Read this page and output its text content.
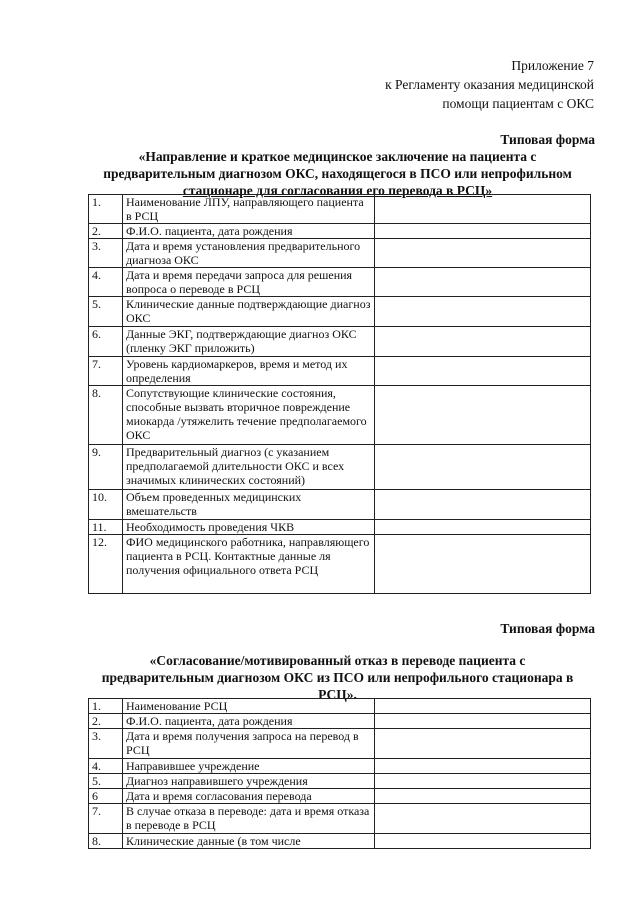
Приложение 7
к Регламенту оказания медицинской
помощи пациентам с ОКС
Типовая форма
«Направление и краткое медицинское заключение на пациента с
предварительным диагнозом ОКС, находящегося в ПСО или непрофильном
стационаре для согласования его перевода в РСЦ»
1.	Наименование ЛПУ, направляющего пациента в РСЦ	
2.	Ф.И.О. пациента, дата рождения	
3.	Дата и время установления предварительного диагноза ОКС	
4.	Дата и время передачи запроса для решения вопроса о переводе в РСЦ	
5.	Клинические данные подтверждающие диагноз ОКС	
6.	Данные ЭКГ, подтверждающие диагноз ОКС (пленку ЭКГ приложить)	
7.	Уровень кардиомаркеров, время и метод их определения	
8.	Сопутствующие клинические состояния, способные вызвать вторичное повреждение миокарда /утяжелить течение предполагаемого ОКС	
9.	Предварительный диагноз (с указанием предполагаемой длительности ОКС и всех значимых клинических состояний)	
10.	Объем проведенных медицинских вмешательств	
11.	Необходимость проведения ЧКВ	
12.	ФИО медицинского работника, направляющего пациента в РСЦ. Контактные данные ля получения официального ответа РСЦ	
Типовая форма
«Согласование/мотивированный отказ в переводе пациента с
предварительным диагнозом ОКС из ПСО или непрофильного стационара в
РСЦ».
1.	Наименование РСЦ	
2.	Ф.И.О. пациента, дата рождения	
3.	Дата и время получения запроса на перевод в РСЦ	
4.	Направившее учреждение	
5.	Диагноз направившего учреждения	
6	Дата и время согласования перевода	
7.	В случае отказа в переводе: дата и время отказа в переводе в РСЦ	
8.	Клинические данные (в том числе	
